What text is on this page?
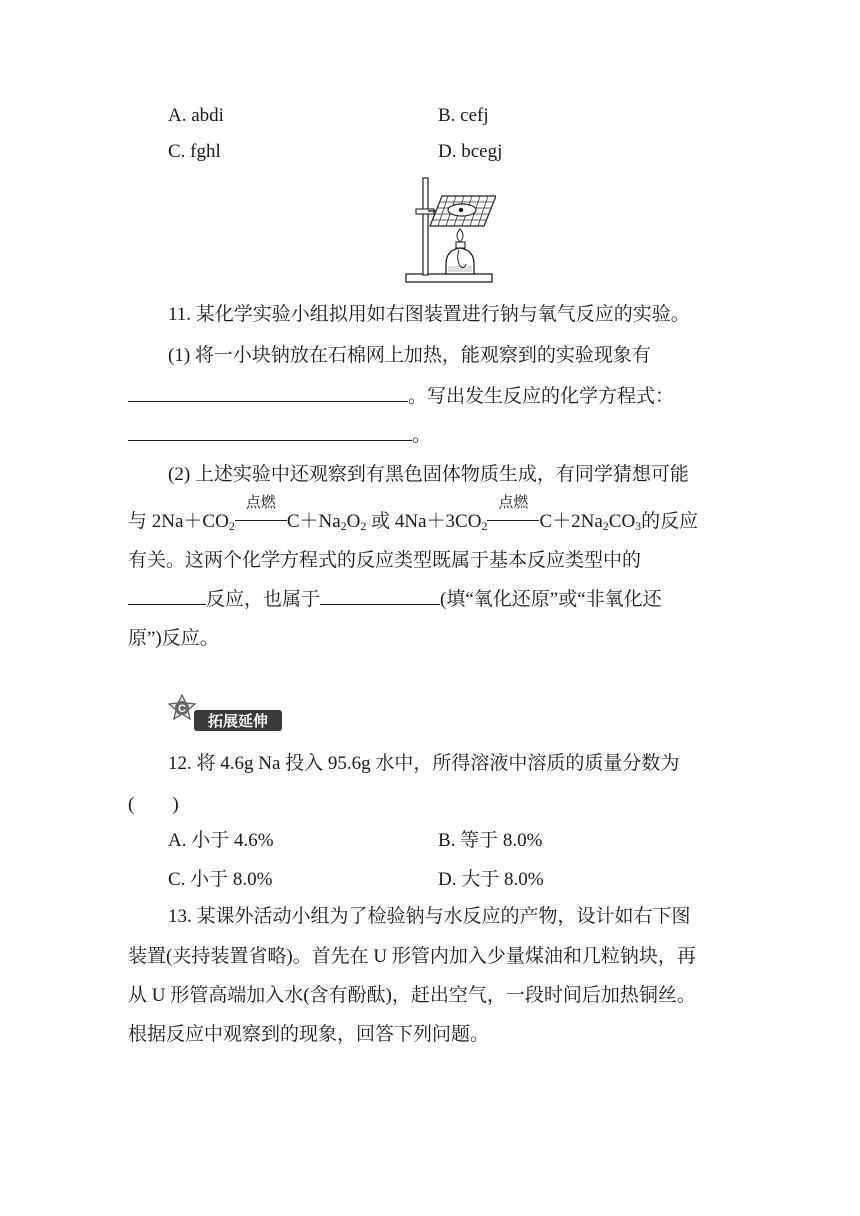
A. abdi	B. cefj
C. fghl	D. bcegj
11. 某化学实验小组拟用如右图装置进行钠与氧气反应的实验。
(1) 将一小块钠放在石棉网上加热，能观察到的实验现象有
。写出发生反应的化学方程式：
。
(2) 上述实验中还观察到有黑色固体物质生成，有同学猜想可能
与 $2Na+CO_2$
点燃
$C+Na_2O_2$ 或 $4Na+3CO_2$
点燃
$C+2Na_2CO_3$的反应
有关。这两个化学方程式的反应类型既属于基本反应类型中的
反应，也属于	(填“氧化还原”或“非氧化还
原”)反应。
C
拓展延伸
12. 将 4.6g Na 投入 95.6g 水中，所得溶液中溶质的质量分数为
(　　)
A. 小于 4.6%	B. 等于 8.0%
C. 小于 8.0%	D. 大于 8.0%
13. 某课外活动小组为了检验钠与水反应的产物，设计如右下图
装置(夹持装置省略)。首先在 U 形管内加入少量煤油和几粒钠块，再
从 U 形管高端加入水(含有酚酞)，赶出空气，一段时间后加热铜丝。
根据反应中观察到的现象，回答下列问题。
